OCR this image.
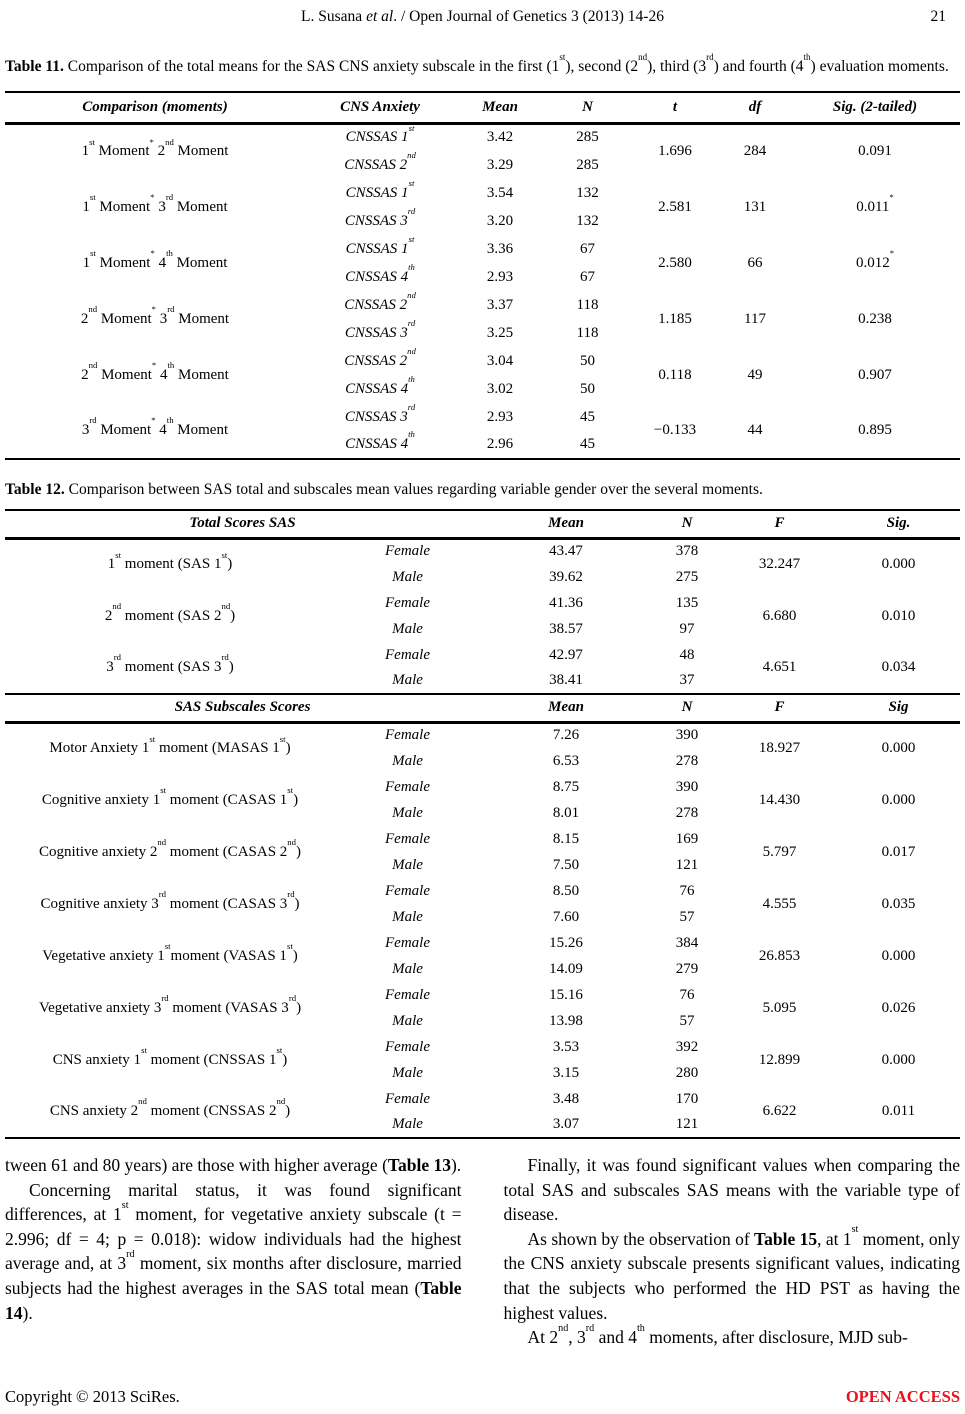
L. Susana et al. / Open Journal of Genetics 3 (2013) 14-26	21
Table 11. Comparison of the total means for the SAS CNS anxiety subscale in the first (1st), second (2nd), third (3rd) and fourth (4th) evaluation moments.
Comparison (moments)	CNS Anxiety	Mean	N	t	df	Sig. (2-tailed)
1st Moment* 2nd Moment	CNSSAS 1st	3.42	285	1.696	284	0.091
	CNSSAS 2nd	3.29	285			
1st Moment* 3rd Moment	CNSSAS 1st	3.54	132	2.581	131	0.011*
	CNSSAS 3rd	3.20	132			
1st Moment* 4th Moment	CNSSAS 1st	3.36	67	2.580	66	0.012*
	CNSSAS 4th	2.93	67			
2nd Moment* 3rd Moment	CNSSAS 2nd	3.37	118	1.185	117	0.238
	CNSSAS 3rd	3.25	118			
2nd Moment* 4th Moment	CNSSAS 2nd	3.04	50	0.118	49	0.907
	CNSSAS 4th	3.02	50			
3rd Moment* 4th Moment	CNSSAS 3rd	2.93	45	−0.133	44	0.895
	CNSSAS 4th	2.96	45			
Table 12. Comparison between SAS total and subscales mean values regarding variable gender over the several moments.
Total Scores SAS		Mean	N	F	Sig.
1st moment (SAS 1st)	Female	43.47	378	32.247	0.000
	Male	39.62	275		
2nd moment (SAS 2nd)	Female	41.36	135	6.680	0.010
	Male	38.57	97		
3rd moment (SAS 3rd)	Female	42.97	48	4.651	0.034
	Male	38.41	37		
SAS Subscales Scores		Mean	N	F	Sig
Motor Anxiety 1st moment (MASAS 1st)	Female	7.26	390	18.927	0.000
	Male	6.53	278		
Cognitive anxiety 1st moment (CASAS 1st)	Female	8.75	390	14.430	0.000
	Male	8.01	278		
Cognitive anxiety 2nd moment (CASAS 2nd)	Female	8.15	169	5.797	0.017
	Male	7.50	121		
Cognitive anxiety 3rd moment (CASAS 3rd)	Female	8.50	76	4.555	0.035
	Male	7.60	57		
Vegetative anxiety 1stmoment (VASAS 1st)	Female	15.26	384	26.853	0.000
	Male	14.09	279		
Vegetative anxiety 3rd moment (VASAS 3rd)	Female	15.16	76	5.095	0.026
	Male	13.98	57		
CNS anxiety 1st moment (CNSSAS 1st)	Female	3.53	392	12.899	0.000
	Male	3.15	280		
CNS anxiety 2nd moment (CNSSAS 2nd)	Female	3.48	170	6.622	0.011
	Male	3.07	121		

tween 61 and 80 years) are those with higher average (Table 13).

Concerning marital status, it was found significant differences, at 1st moment, for vegetative anxiety subscale (t = 2.996; df = 4; p = 0.018): widow individuals had the highest average and, at 3rd moment, six months after disclosure, married subjects had the highest averages in the SAS total mean (Table 14).

Finally, it was found significant values when comparing the total SAS and subscales SAS means with the variable type of disease.

As shown by the observation of Table 15, at 1st moment, only the CNS anxiety subscale presents significant values, indicating that the subjects who performed the HD PST as having the highest values.

At 2nd, 3rd and 4th moments, after disclosure, MJD sub-

Copyright © 2013 SciRes.	OPEN ACCESS
